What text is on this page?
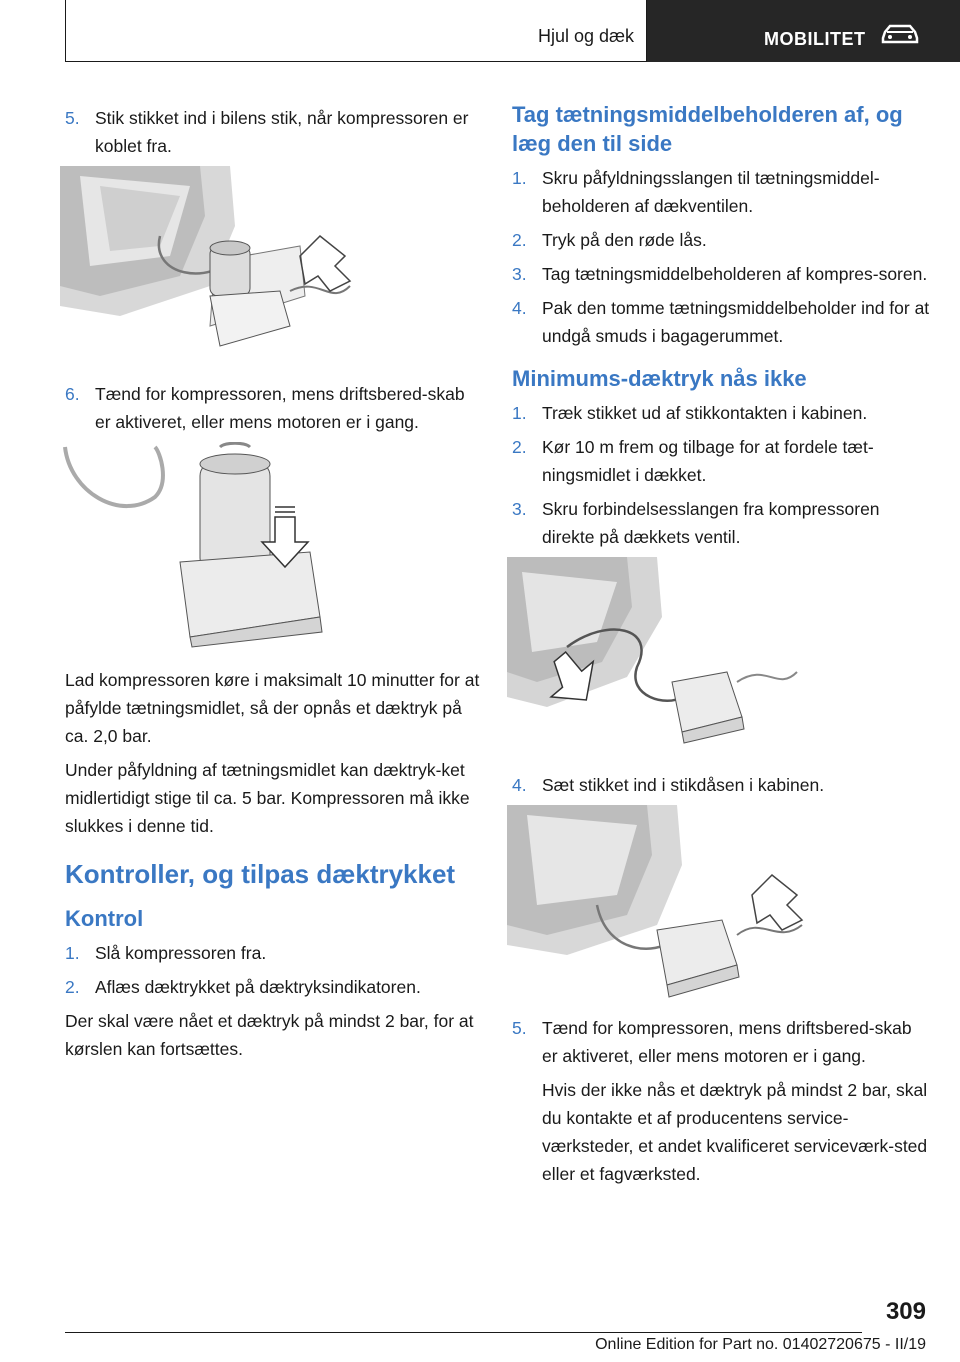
Hjul og dæk	MOBILITET
5. Stik stikket ind i bilens stik, når kompressoren er koblet fra.
6. Tænd for kompressoren, mens driftsbered‐skab er aktiveret, eller mens motoren er i gang.

Lad kompressoren køre i maksimalt 10 minutter for at påfylde tætningsmidlet, så der opnås et dæktryk på ca. 2,0 bar.

Under påfyldning af tætningsmidlet kan dæktryk‐ket midlertidigt stige til ca. 5 bar. Kompressoren må ikke slukkes i denne tid.

Kontroller, og tilpas dæktrykket
Kontrol
1. Slå kompressoren fra.
2. Aflæs dæktrykket på dæktryksindikatoren.

Der skal være nået et dæktryk på mindst 2 bar, for at kørslen kan fortsættes.

Tag tætningsmiddelbeholderen af, og læg den til side
1. Skru påfyldningsslangen til tætningsmiddel‐beholderen af dækventilen.
2. Tryk på den røde lås.
3. Tag tætningsmiddelbeholderen af kompres‐soren.
4. Pak den tomme tætningsmiddelbeholder ind for at undgå smuds i bagagerummet.
Minimums-dæktryk nås ikke
1. Træk stikket ud af stikkontakten i kabinen.
2. Kør 10 m frem og tilbage for at fordele tæt‐ningsmidlet i dækket.
3. Skru forbindelsesslangen fra kompressoren direkte på dækkets ventil.
4. Sæt stikket ind i stikdåsen i kabinen.
5. Tænd for kompressoren, mens driftsbered‐skab er aktiveret, eller mens motoren er i gang.

Hvis der ikke nås et dæktryk på mindst 2 bar, skal du kontakte et af producentens service‐værksteder, et andet kvalificeret serviceværk‐sted eller et fagværksted.

309
Online Edition for Part no. 01402720675 - II/19
